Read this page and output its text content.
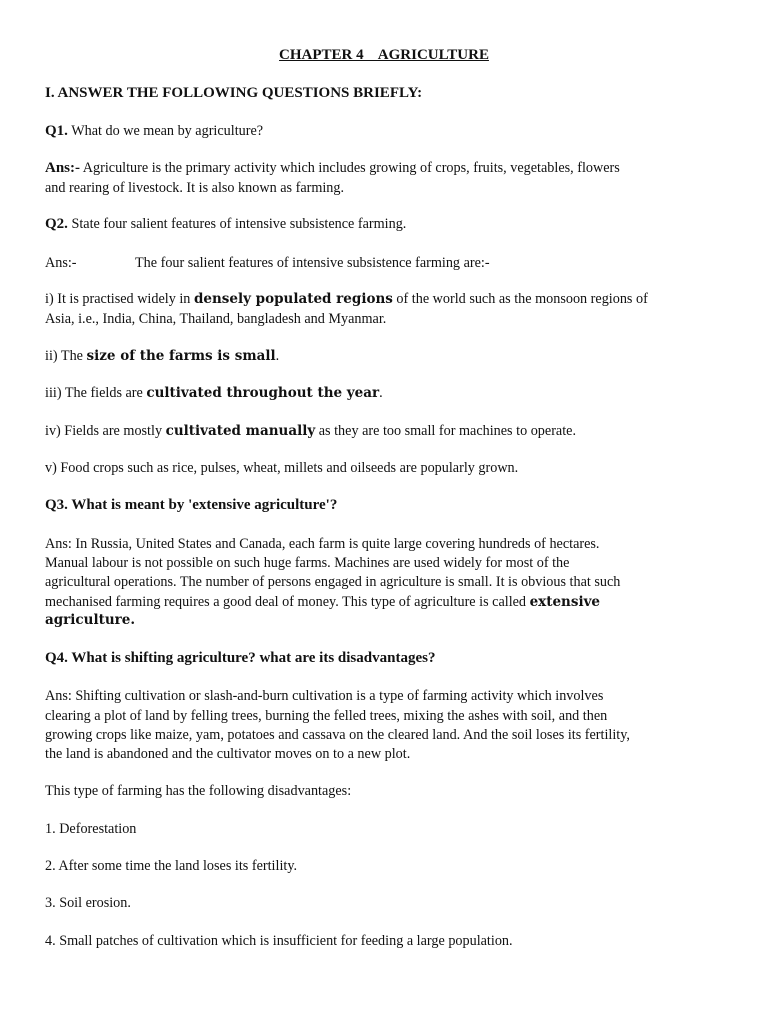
CHAPTER 4    AGRICULTURE
I. ANSWER THE FOLLOWING QUESTIONS BRIEFLY:
Q1. What do we mean by agriculture?
Ans:- Agriculture is the primary activity which includes growing of crops, fruits, vegetables, flowers
and rearing of livestock. It is also known as farming.
Q2. State four salient features of intensive subsistence farming.
Ans:-	The four salient features of intensive subsistence farming are:-
i) It is practised widely in densely populated regions of the world such as the monsoon regions of
Asia, i.e., India, China, Thailand, bangladesh and Myanmar.
ii) The size of the farms is small.
iii) The fields are cultivated throughout the year.
iv) Fields are mostly cultivated manually as they are too small for machines to operate.
v) Food crops such as rice, pulses, wheat, millets and oilseeds are popularly grown.
Q3. What is meant by 'extensive agriculture'?
Ans: In Russia, United States and Canada, each farm is quite large covering hundreds of hectares.
Manual labour is not possible on such huge farms. Machines are used widely for most of the
agricultural operations. The number of persons engaged in agriculture is small. It is obvious that such
mechanised farming requires a good deal of money. This type of agriculture is called extensive
agriculture.
Q4. What is shifting agriculture? what are its disadvantages?
Ans: Shifting cultivation or slash-and-burn cultivation is a type of farming activity which involves
clearing a plot of land by felling trees, burning the felled trees, mixing the ashes with soil, and then
growing crops like maize, yam, potatoes and cassava on the cleared land. And the soil loses its fertility,
the land is abandoned and the cultivator moves on to a new plot.
This type of farming has the following disadvantages:
1. Deforestation
2. After some time the land loses its fertility.
3. Soil erosion.
4. Small patches of cultivation which is insufficient for feeding a large population.
